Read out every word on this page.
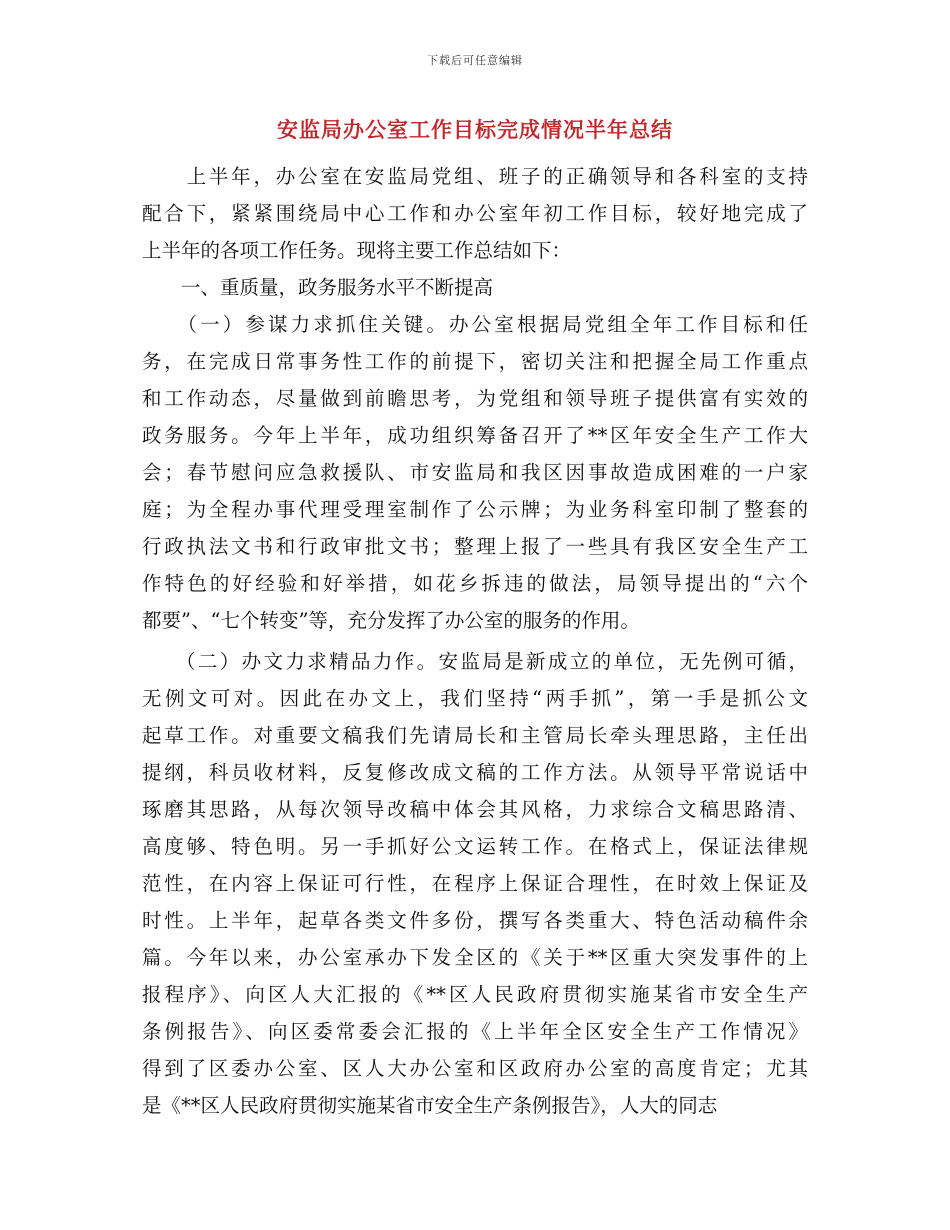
下载后可任意编辑
安监局办公室工作目标完成情况半年总结
　　上半年，办公室在安监局党组、班子的正确领导和各科室的支持
配合下，紧紧围绕局中心工作和办公室年初工作目标，较好地完成了
上半年的各项工作任务。现将主要工作总结如下：
　　一、重质量，政务服务水平不断提高
　　（一）参谋力求抓住关键。办公室根据局党组全年工作目标和任
务，在完成日常事务性工作的前提下，密切关注和把握全局工作重点
和工作动态，尽量做到前瞻思考，为党组和领导班子提供富有实效的
政务服务。今年上半年，成功组织筹备召开了**区年安全生产工作大
会；春节慰问应急救援队、市安监局和我区因事故造成困难的一户家
庭；为全程办事代理受理室制作了公示牌；为业务科室印制了整套的
行政执法文书和行政审批文书；整理上报了一些具有我区安全生产工
作特色的好经验和好举措，如花乡拆违的做法，局领导提出的“六个
都要”、“七个转变”等，充分发挥了办公室的服务的作用。
　　（二）办文力求精品力作。安监局是新成立的单位，无先例可循，
无例文可对。因此在办文上，我们坚持“两手抓”，第一手是抓公文
起草工作。对重要文稿我们先请局长和主管局长牵头理思路，主任出
提纲，科员收材料，反复修改成文稿的工作方法。从领导平常说话中
琢磨其思路，从每次领导改稿中体会其风格，力求综合文稿思路清、
高度够、特色明。另一手抓好公文运转工作。在格式上，保证法律规
范性，在内容上保证可行性，在程序上保证合理性，在时效上保证及
时性。上半年，起草各类文件多份，撰写各类重大、特色活动稿件余
篇。今年以来，办公室承办下发全区的《关于**区重大突发事件的上
报程序》、向区人大汇报的《**区人民政府贯彻实施某省市安全生产
条例报告》、向区委常委会汇报的《上半年全区安全生产工作情况》
得到了区委办公室、区人大办公室和区政府办公室的高度肯定；尤其
是《**区人民政府贯彻实施某省市安全生产条例报告》，人大的同志
